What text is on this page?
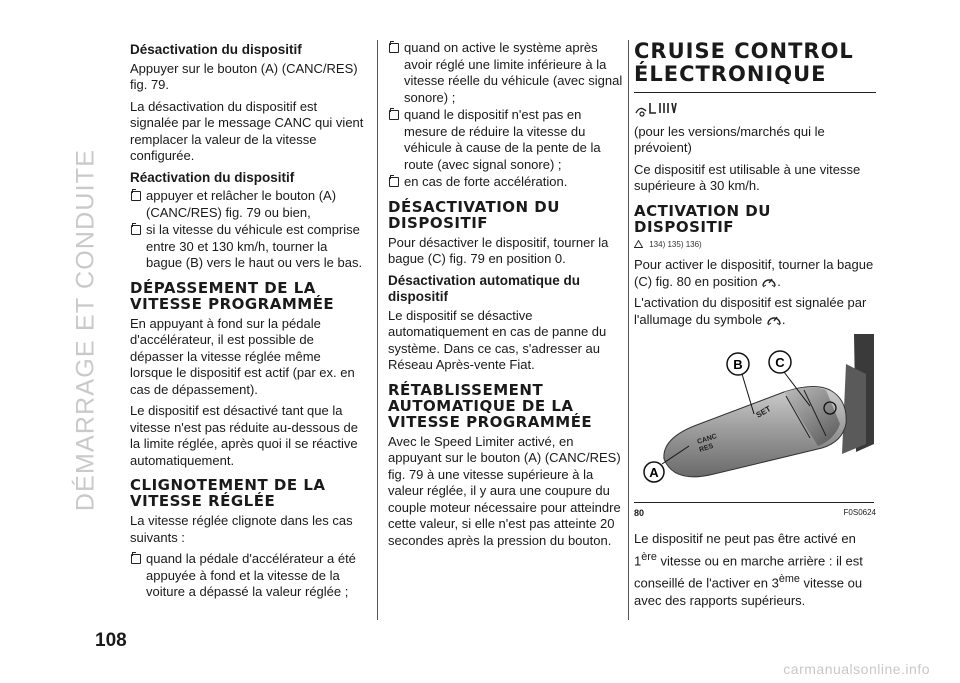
DÉMARRAGE ET CONDUITE
108
Désactivation du dispositif

Appuyer sur le bouton (A) (CANC/RES) fig. 79.

La désactivation du dispositif est signalée par le message CANC qui vient remplacer la valeur de la vitesse configurée.

Réactivation du dispositif
appuyer et relâcher le bouton (A) (CANC/RES) fig. 79 ou bien,
si la vitesse du véhicule est comprise entre 30 et 130 km/h, tourner la bague (B) vers le haut ou vers le bas.
DÉPASSEMENT DE LA VITESSE PROGRAMMÉE

En appuyant à fond sur la pédale d'accélérateur, il est possible de dépasser la vitesse réglée même lorsque le dispositif est actif (par ex. en cas de dépassement).

Le dispositif est désactivé tant que la vitesse n'est pas réduite au-dessous de la limite réglée, après quoi il se réactive automatiquement.

CLIGNOTEMENT DE LA VITESSE RÉGLÉE

La vitesse réglée clignote dans les cas suivants :

quand la pédale d'accélérateur a été appuyée à fond et la vitesse de la voiture a dépassé la valeur réglée ;
quand on active le système après avoir réglé une limite inférieure à la vitesse réelle du véhicule (avec signal sonore) ;
quand le dispositif n'est pas en mesure de réduire la vitesse du véhicule à cause de la pente de la route (avec signal sonore) ;
en cas de forte accélération.
DÉSACTIVATION DU DISPOSITIF

Pour désactiver le dispositif, tourner la bague (C) fig. 79 en position 0.

Désactivation automatique du dispositif

Le dispositif se désactive automatiquement en cas de panne du système. Dans ce cas, s'adresser au Réseau Après-vente Fiat.

RÉTABLISSEMENT AUTOMATIQUE DE LA VITESSE PROGRAMMÉE

Avec le Speed Limiter activé, en appuyant sur le bouton (A) (CANC/RES) fig. 79 à une vitesse supérieure à la valeur réglée, il y aura une coupure du couple moteur nécessaire pour atteindre cette valeur, si elle n'est pas atteinte 20 secondes après la pression du bouton.

CRUISE CONTROL ÉLECTRONIQUE

(pour les versions/marchés qui le prévoient)

Ce dispositif est utilisable à une vitesse supérieure à 30 km/h.

ACTIVATION DU DISPOSITIF
134) 135) 136)

Pour activer le dispositif, tourner la bague (C) fig. 80 en position .

L'activation du dispositif est signalée par l'allumage du symbole .

CANC
RES
SET
A
B	C
80	F0S0624

Le dispositif ne peut pas être activé en 1ère vitesse ou en marche arrière : il est conseillé de l'activer en 3ème vitesse ou avec des rapports supérieurs.

carmanualsonline.info
